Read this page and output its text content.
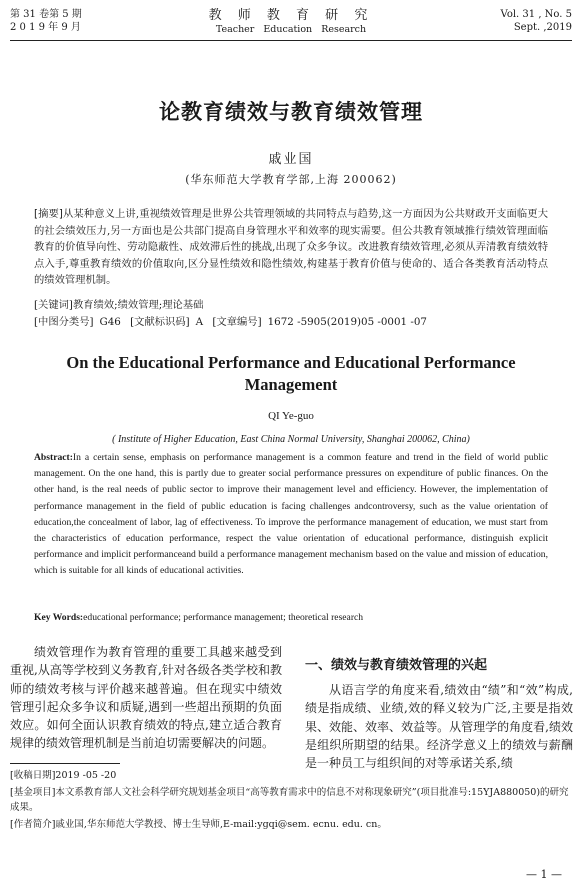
第 31 卷第 5 期
2 0 1 9 年 9 月
教 师 教 育 研 究
Teacher Education Research
Vol. 31 , No. 5
Sept. ,2019
论教育绩效与教育绩效管理
戚业国
(华东师范大学教育学部,上海 200062)
[摘要]从某种意义上讲,重视绩效管理是世界公共管理领域的共同特点与趋势,这一方面因为公共财政开支面临更大的社会绩效压力,另一方面也是公共部门提高自身管理水平和效率的现实需要。但公共教育领域推行绩效管理面临教育的价值导向性、劳动隐蔽性、成效滞后性的挑战,出现了众多争议。改进教育绩效管理,必须从弄清教育绩效特点入手,尊重教育绩效的价值取向,区分显性绩效和隐性绩效,构建基于教育价值与使命的、适合各类教育活动特点的绩效管理机制。
[关键词]教育绩效;绩效管理;理论基础
[中图分类号] G46 [文献标识码] A [文章编号] 1672 -5905(2019)05 -0001 -07
On the Educational Performance and Educational Performance Management
QI Ye-guo
( Institute of Higher Education, East China Normal University, Shanghai 200062, China)
Abstract:In a certain sense, emphasis on performance management is a common feature and trend in the field of world public management. On the one hand, this is partly due to greater social performance pressures on expenditure of public finances. On the other hand, is the real needs of public sector to improve their management level and efficiency. However, the implementation of performance management in the field of public education is facing challenges andcontroversy, such as the value orientation of education,the concealment of labor, lag of effectiveness. To improve the performance management of education, we must start from the characteristics of education performance, respect the value orientation of educational performance, distinguish explicit performance and implicit performanceand build a performance management mechanism based on the value and mission of education, which is suitable for all kinds of educational activities.
Key Words:educational performance; performance management; theoretical research
绩效管理作为教育管理的重要工具越来越受到重视,从高等学校到义务教育,针对各级各类学校和教师的绩效考核与评价越来越普遍。但在现实中绩效管理引起众多争议和质疑,遇到一些超出预期的负面效应。如何全面认识教育绩效的特点,建立适合教育规律的绩效管理机制是当前迫切需要解决的问题。
一、绩效与教育绩效管理的兴起

从语言学的角度来看,绩效由“绩”和“效”构成,绩是指成绩、业绩,效的释义较为广泛,主要是指效果、效能、效率、效益等。从管理学的角度看,绩效是组织所期望的结果。经济学意义上的绩效与薪酬是一种员工与组织间的对等承诺关系,绩

[收稿日期]2019 -05 -20
[基金项目]本文系教育部人文社会科学研究规划基金项目“高等教育需求中的信息不对称现象研究”(项目批准号:15YJA880050)的研究成果。
[作者简介]戚业国,华东师范大学教授、博士生导师,E-mail:ygqi@sem. ecnu. edu. cn。
— 1 —
